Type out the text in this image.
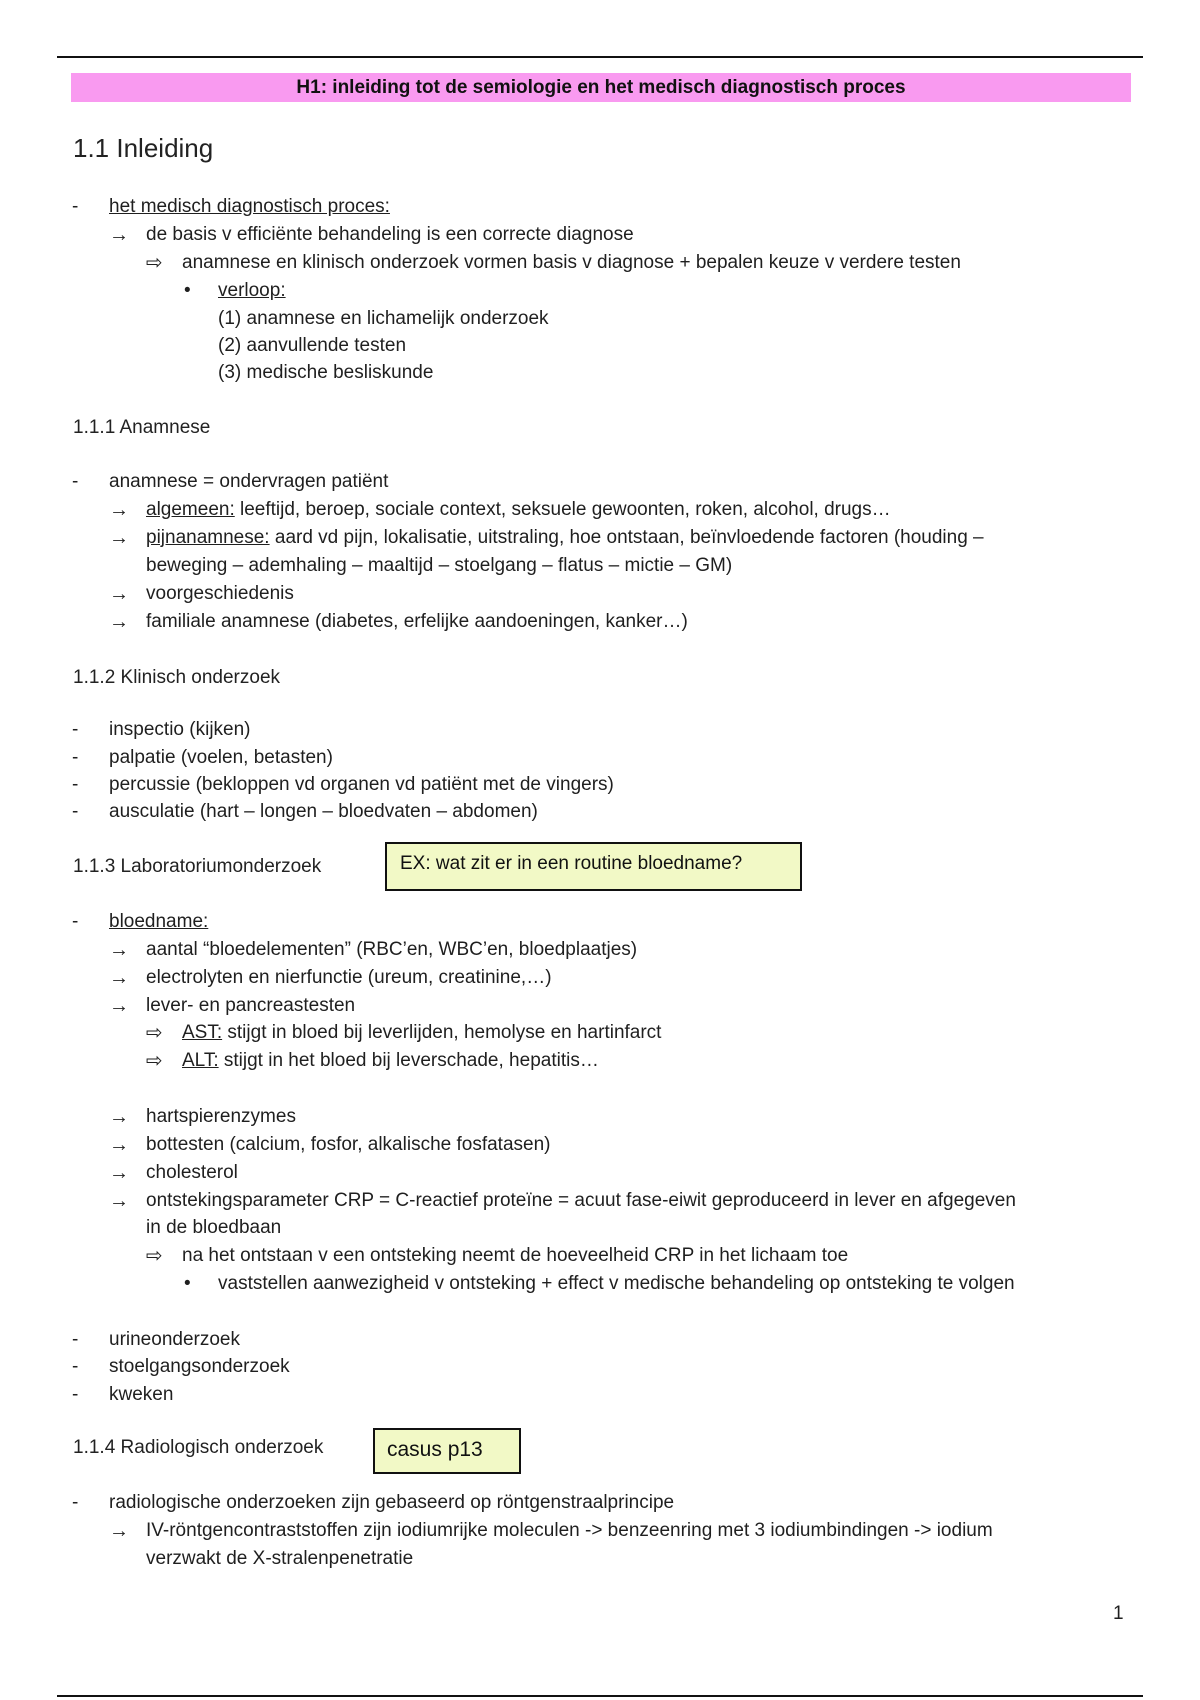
H1: inleiding tot de semiologie en het medisch diagnostisch proces
1.1 Inleiding
- het medisch diagnostisch proces:
→ de basis v efficiënte behandeling is een correcte diagnose
⇨ anamnese en klinisch onderzoek vormen basis v diagnose + bepalen keuze v verdere testen
• verloop:
(1) anamnese en lichamelijk onderzoek
(2) aanvullende testen
(3) medische besliskunde
1.1.1 Anamnese
- anamnese = ondervragen patiënt
→ algemeen: leeftijd, beroep, sociale context, seksuele gewoonten, roken, alcohol, drugs…
→ pijnanamnese: aard vd pijn, lokalisatie, uitstraling, hoe ontstaan, beïnvloedende factoren (houding –
beweging – ademhaling – maaltijd – stoelgang – flatus – mictie – GM)
→ voorgeschiedenis
→ familiale anamnese (diabetes, erfelijke aandoeningen, kanker…)
1.1.2 Klinisch onderzoek
- inspectio (kijken)
- palpatie (voelen, betasten)
- percussie (bekloppen vd organen vd patiënt met de vingers)
- ausculatie (hart – longen – bloedvaten – abdomen)
1.1.3 Laboratoriumonderzoek	EX: wat zit er in een routine bloedname?
- bloedname:
→ aantal “bloedelementen” (RBC’en, WBC’en, bloedplaatjes)
→ electrolyten en nierfunctie (ureum, creatinine,…)
→ lever- en pancreastesten
⇨ AST: stijgt in bloed bij leverlijden, hemolyse en hartinfarct
⇨ ALT: stijgt in het bloed bij leverschade, hepatitis…
→ hartspierenzymes
→ bottesten (calcium, fosfor, alkalische fosfatasen)
→ cholesterol
→ ontstekingsparameter CRP = C-reactief proteïne = acuut fase-eiwit geproduceerd in lever en afgegeven
in de bloedbaan
⇨ na het ontstaan v een ontsteking neemt de hoeveelheid CRP in het lichaam toe
• vaststellen aanwezigheid v ontsteking + effect v medische behandeling op ontsteking te volgen
- urineonderzoek
- stoelgangsonderzoek
- kweken
1.1.4 Radiologisch onderzoek	casus p13
- radiologische onderzoeken zijn gebaseerd op röntgenstraalprincipe
→ IV-röntgencontraststoffen zijn iodiumrijke moleculen -> benzeenring met 3 iodiumbindingen -> iodium
verzwakt de X-stralenpenetratie
1
